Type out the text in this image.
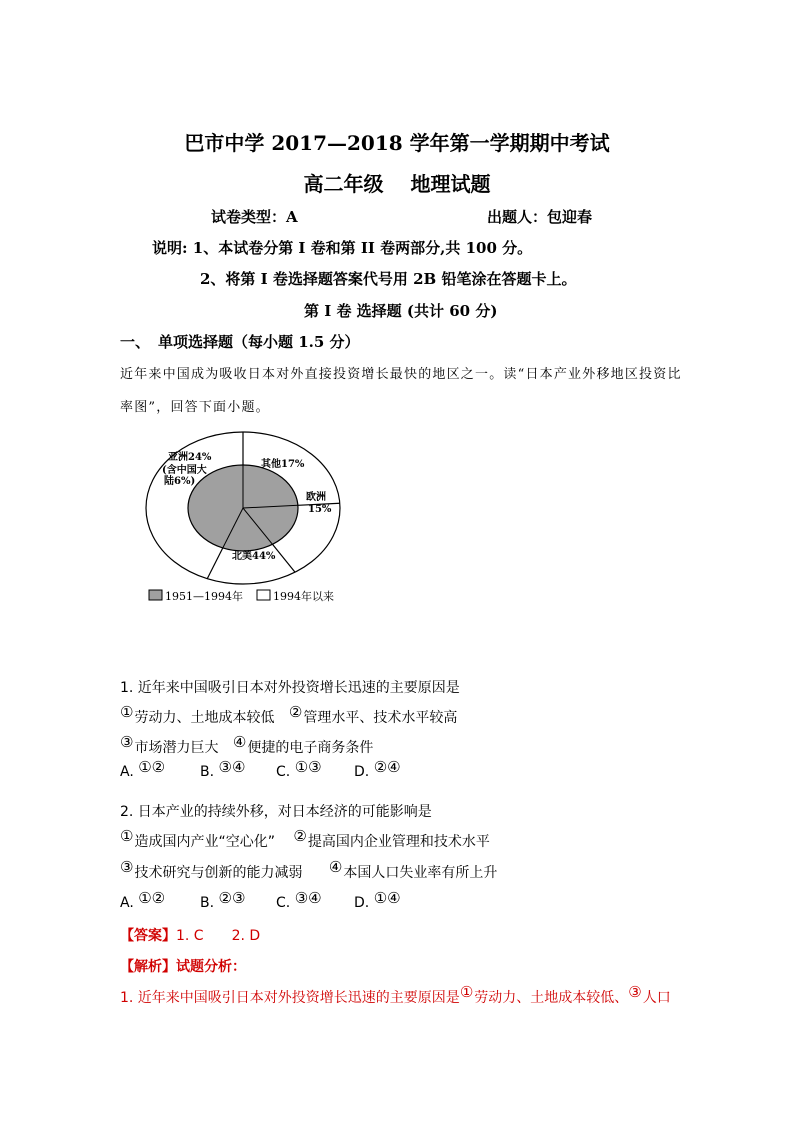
巴市中学 2017—2018 学年第一学期期中考试
高二年级　 地理试题
试卷类型：A	出题人：包迎春
说明: 1、本试卷分第 I 卷和第 II 卷两部分,共 100 分。
2、将第 I 卷选择题答案代号用 2B 铅笔涂在答题卡上。
第 I 卷 选择题 (共计 60 分)
一、 单项选择题（每小题 1.5 分）
近年来中国成为吸收日本对外直接投资增长最快的地区之一。读“日本产业外移地区投资比
率图”，回答下面小题。
亚洲24%
(含中国大
陆6%)
其他17%
欧洲
15%
北美44%
1951—1994年	1994年以来
1. 近年来中国吸引日本对外投资增长迅速的主要原因是
①劳动力、土地成本较低 ②管理水平、技术水平较高
③市场潜力巨大 ④便捷的电子商务条件
A. ①② B. ③④ C. ①③ D. ②④
2. 日本产业的持续外移，对日本经济的可能影响是
①造成国内产业“空心化” ②提高国内企业管理和技术水平
③技术研究与创新的能力减弱 ④本国人口失业率有所上升
A. ①② B. ②③ C. ③④ D. ①④
【答案】1. C　　2. D
【解析】试题分析：
1. 近年来中国吸引日本对外投资增长迅速的主要原因是①劳动力、土地成本较低、③人口
